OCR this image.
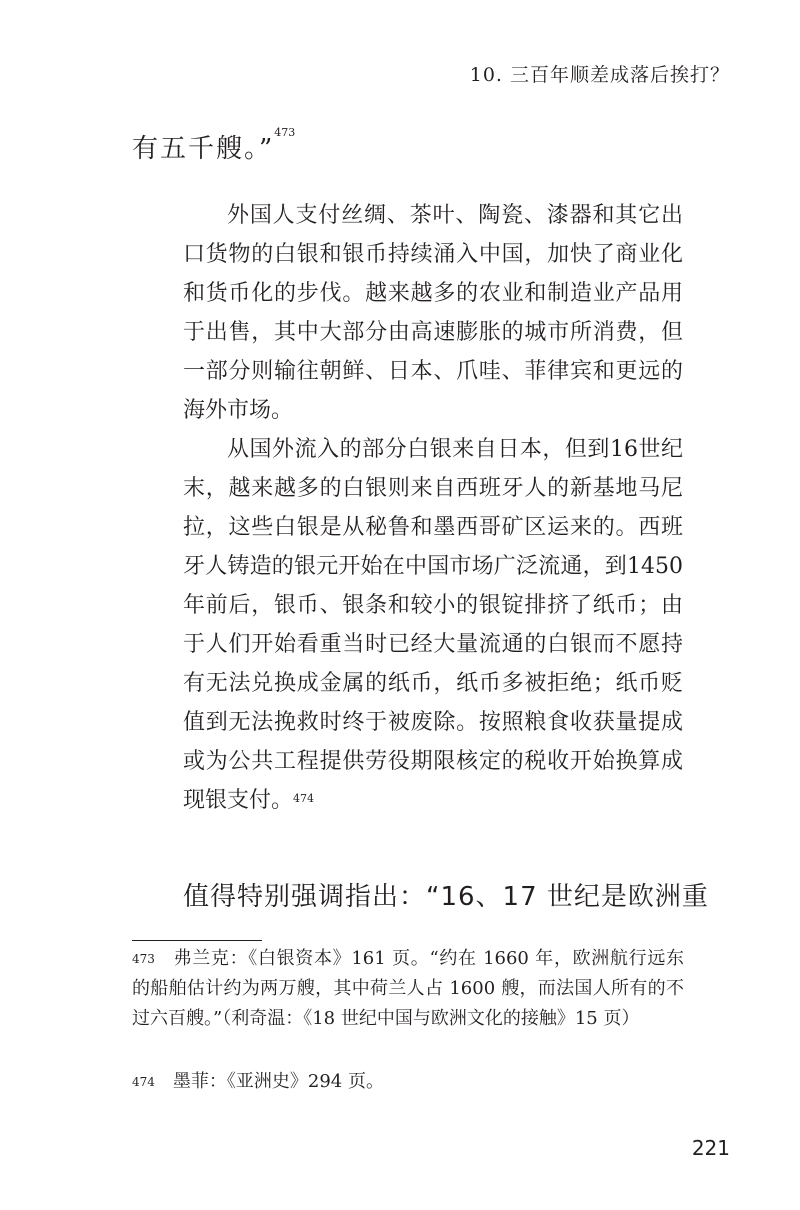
10. 三百年顺差成落后挨打？

有五千艘。”$^{473}$

外国人支付丝绸、茶叶、陶瓷、漆器和其它出口货物的白银和银币持续涌入中国，加快了商业化和货币化的步伐。越来越多的农业和制造业产品用于出售，其中大部分由高速膨胀的城市所消费，但一部分则输往朝鲜、日本、爪哇、菲律宾和更远的海外市场。

从国外流入的部分白银来自日本，但到16世纪末，越来越多的白银则来自西班牙人的新基地马尼拉，这些白银是从秘鲁和墨西哥矿区运来的。西班牙人铸造的银元开始在中国市场广泛流通，到1450年前后，银币、银条和较小的银锭排挤了纸币；由于人们开始看重当时已经大量流通的白银而不愿持有无法兑换成金属的纸币，纸币多被拒绝；纸币贬值到无法挽救时终于被废除。按照粮食收获量提成或为公共工程提供劳役期限核定的税收开始换算成现银支付。$^{474}$

值得特别强调指出：“16、17 世纪是欧洲重

$^{473}$ 弗兰克：《白银资本》161 页。“约在 1660 年，欧洲航行远东的船舶估计约为两万艘，其中荷兰人占 1600 艘，而法国人所有的不过六百艘。”（利奇温：《18 世纪中国与欧洲文化的接触》15 页）

$^{474}$ 墨菲：《亚洲史》294 页。

221
